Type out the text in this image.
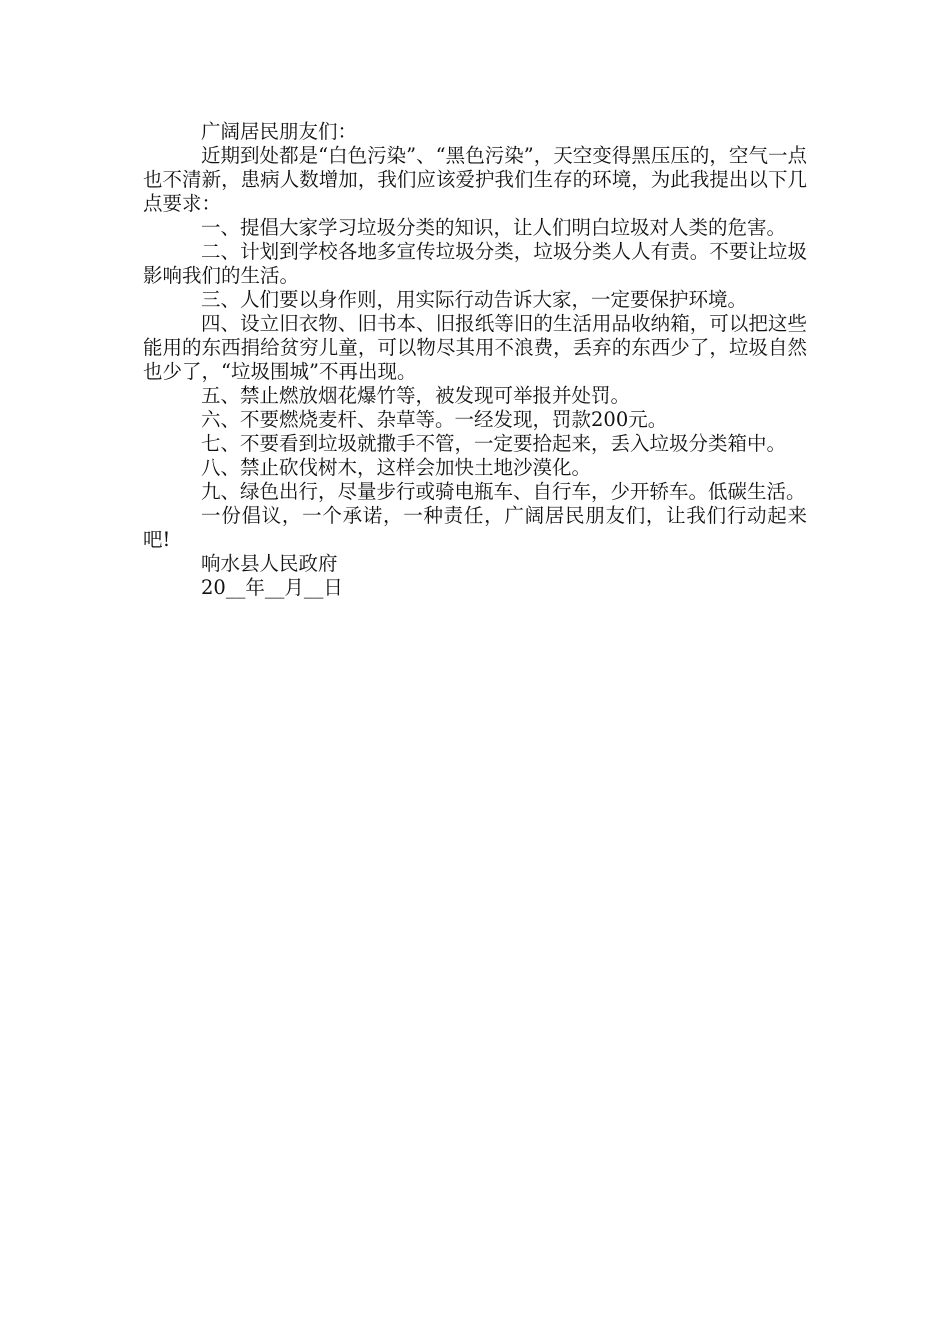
广阔居民朋友们：

近期到处都是“白色污染”、“黑色污染”，天空变得黑压压的，空气一点也不清新，患病人数增加，我们应该爱护我们生存的环境，为此我提出以下几点要求：

一、提倡大家学习垃圾分类的知识，让人们明白垃圾对人类的危害。

二、计划到学校各地多宣传垃圾分类，垃圾分类人人有责。不要让垃圾影响我们的生活。

三、人们要以身作则，用实际行动告诉大家，一定要保护环境。

四、设立旧衣物、旧书本、旧报纸等旧的生活用品收纳箱，可以把这些能用的东西捐给贫穷儿童，可以物尽其用不浪费，丢弃的东西少了，垃圾自然也少了，“垃圾围城”不再出现。

五、禁止燃放烟花爆竹等，被发现可举报并处罚。

六、不要燃烧麦杆、杂草等。一经发现，罚款200元。

七、不要看到垃圾就撒手不管，一定要拾起来，丢入垃圾分类箱中。

八、禁止砍伐树木，这样会加快土地沙漠化。

九、绿色出行，尽量步行或骑电瓶车、自行车，少开轿车。低碳生活。

一份倡议，一个承诺，一种责任，广阔居民朋友们，让我们行动起来吧!

响水县人民政府

20__年__月__日
